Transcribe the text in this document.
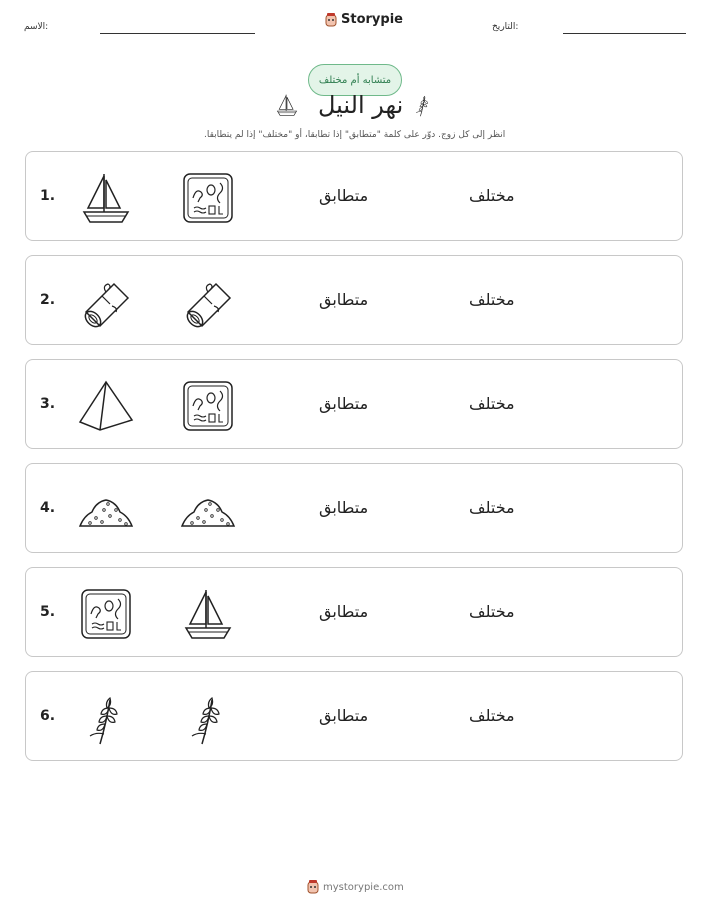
الاسم:	Storypie	التاريخ:
متشابه أم مختلف
نهر النيل
انظر إلى كل زوج. دوّر على كلمة "متطابق" إذا تطابقا، أو "مختلف" إذا لم يتطابقا.
1.	متطابق	مختلف
2.	متطابق	مختلف
3.	متطابق	مختلف
4.	متطابق	مختلف
5.	متطابق	مختلف
6.	متطابق	مختلف
mystorypie.com
